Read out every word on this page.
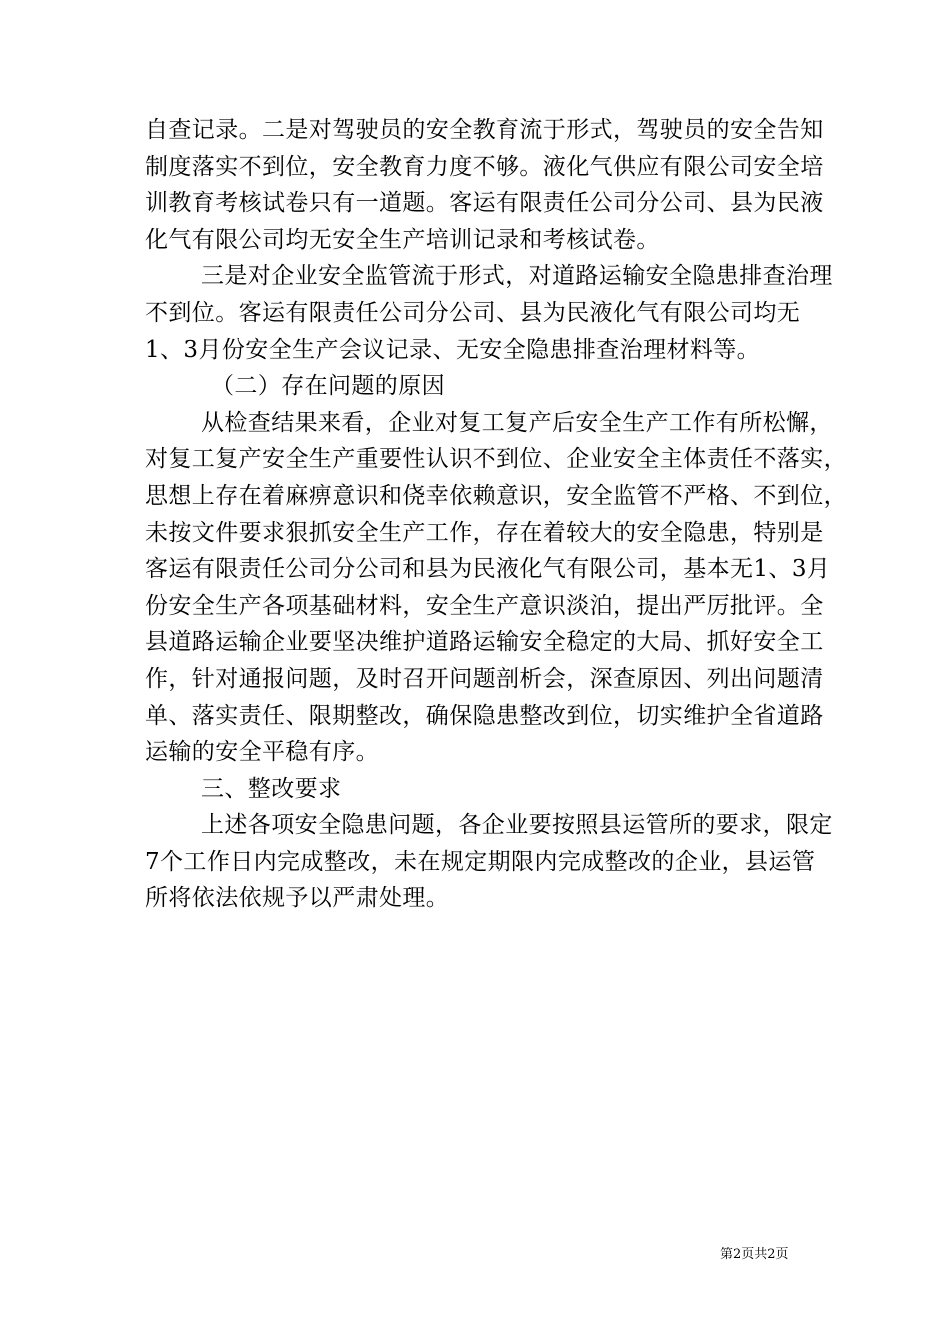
自查记录。二是对驾驶员的安全教育流于形式，驾驶员的安全告知
制度落实不到位，安全教育力度不够。液化气供应有限公司安全培
训教育考核试卷只有一道题。客运有限责任公司分公司、县为民液
化气有限公司均无安全生产培训记录和考核试卷。
三是对企业安全监管流于形式，对道路运输安全隐患排查治理
不到位。客运有限责任公司分公司、县为民液化气有限公司均无
1、3月份安全生产会议记录、无安全隐患排查治理材料等。
（二）存在问题的原因
从检查结果来看，企业对复工复产后安全生产工作有所松懈，
对复工复产安全生产重要性认识不到位、企业安全主体责任不落实，
思想上存在着麻痹意识和侥幸依赖意识，安全监管不严格、不到位，
未按文件要求狠抓安全生产工作，存在着较大的安全隐患，特别是
客运有限责任公司分公司和县为民液化气有限公司，基本无1、3月
份安全生产各项基础材料，安全生产意识淡泊，提出严厉批评。全
县道路运输企业要坚决维护道路运输安全稳定的大局、抓好安全工
作，针对通报问题，及时召开问题剖析会，深查原因、列出问题清
单、落实责任、限期整改，确保隐患整改到位，切实维护全省道路
运输的安全平稳有序。
三、整改要求
上述各项安全隐患问题，各企业要按照县运管所的要求，限定
7个工作日内完成整改，未在规定期限内完成整改的企业，县运管
所将依法依规予以严肃处理。
第2页共2页
